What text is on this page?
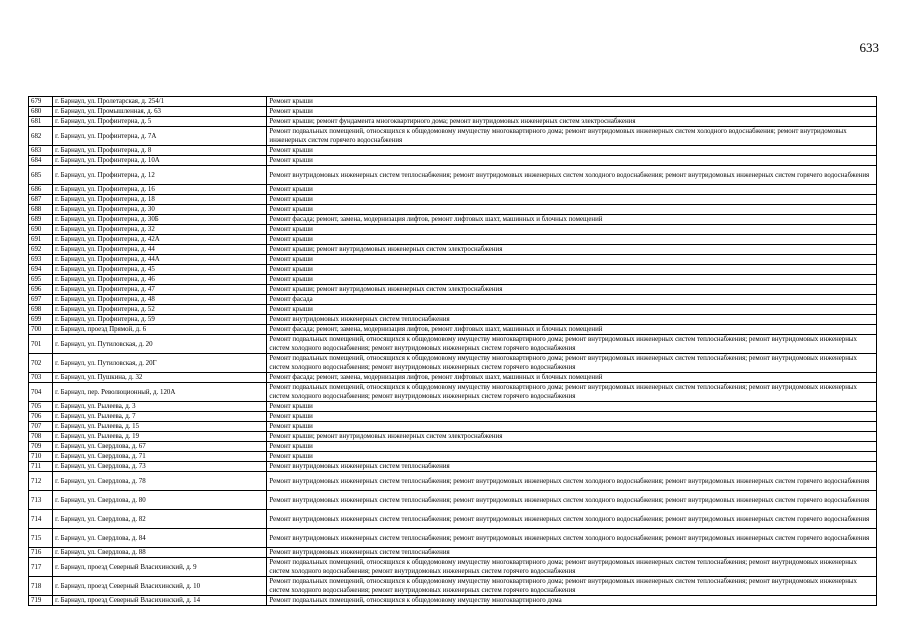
633
679	г. Барнаул, ул. Пролетарская, д. 254/1	Ремонт крыши
680	г. Барнаул, ул. Промышленная, д. 63	Ремонт крыши
681	г. Барнаул, ул. Профинтерна, д. 5	Ремонт крыши; ремонт фундамента многоквартирного дома; ремонт внутридомовых инженерных систем электроснабжения
682	г. Барнаул, ул. Профинтерна, д. 7А	Ремонт подвальных помещений, относящихся к общедомовому имуществу многоквартирного дома; ремонт внутридомовых инженерных систем холодного водоснабжения; ремонт внутридомовых инженерных систем горячего водоснабжения
683	г. Барнаул, ул. Профинтерна, д. 8	Ремонт крыши
684	г. Барнаул, ул. Профинтерна, д. 10А	Ремонт крыши
685	г. Барнаул, ул. Профинтерна, д. 12	Ремонт внутридомовых инженерных систем теплоснабжения; ремонт внутридомовых инженерных систем холодного водоснабжения; ремонт внутридомовых инженерных систем горячего водоснабжения
686	г. Барнаул, ул. Профинтерна, д. 16	Ремонт крыши
687	г. Барнаул, ул. Профинтерна, д. 18	Ремонт крыши
688	г. Барнаул, ул. Профинтерна, д. 30	Ремонт крыши
689	г. Барнаул, ул. Профинтерна, д. 30Б	Ремонт фасада; ремонт, замена, модернизация лифтов, ремонт лифтовых шахт, машинных и блочных помещений
690	г. Барнаул, ул. Профинтерна, д. 32	Ремонт крыши
691	г. Барнаул, ул. Профинтерна, д. 42А	Ремонт крыши
692	г. Барнаул, ул. Профинтерна, д. 44	Ремонт крыши; ремонт внутридомовых инженерных систем электроснабжения
693	г. Барнаул, ул. Профинтерна, д. 44А	Ремонт крыши
694	г. Барнаул, ул. Профинтерна, д. 45	Ремонт крыши
695	г. Барнаул, ул. Профинтерна, д. 46	Ремонт крыши
696	г. Барнаул, ул. Профинтерна, д. 47	Ремонт крыши; ремонт внутридомовых инженерных систем электроснабжения
697	г. Барнаул, ул. Профинтерна, д. 48	Ремонт фасада
698	г. Барнаул, ул. Профинтерна, д. 52	Ремонт крыши
699	г. Барнаул, ул. Профинтерна, д. 59	Ремонт внутридомовых инженерных систем теплоснабжения
700	г. Барнаул, проезд Прямой, д. 6	Ремонт фасада; ремонт, замена, модернизация лифтов, ремонт лифтовых шахт, машинных и блочных помещений
701	г. Барнаул, ул. Путиловская, д. 20	Ремонт подвальных помещений, относящихся к общедомовому имуществу многоквартирного дома; ремонт внутридомовых инженерных систем теплоснабжения; ремонт внутридомовых инженерных систем холодного водоснабжения; ремонт внутридомовых инженерных систем горячего водоснабжения
702	г. Барнаул, ул. Путиловская, д. 20Г	Ремонт подвальных помещений, относящихся к общедомовому имуществу многоквартирного дома; ремонт внутридомовых инженерных систем теплоснабжения; ремонт внутридомовых инженерных систем холодного водоснабжения; ремонт внутридомовых инженерных систем горячего водоснабжения
703	г. Барнаул, ул. Пушкина, д. 32	Ремонт фасада; ремонт, замена, модернизация лифтов, ремонт лифтовых шахт, машинных и блочных помещений
704	г. Барнаул, пер. Революционный, д. 120А	Ремонт подвальных помещений, относящихся к общедомовому имуществу многоквартирного дома; ремонт внутридомовых инженерных систем теплоснабжения; ремонт внутридомовых инженерных систем холодного водоснабжения; ремонт внутридомовых инженерных систем горячего водоснабжения
705	г. Барнаул, ул. Рылеева, д. 3	Ремонт крыши
706	г. Барнаул, ул. Рылеева, д. 7	Ремонт крыши
707	г. Барнаул, ул. Рылеева, д. 15	Ремонт крыши
708	г. Барнаул, ул. Рылеева, д. 19	Ремонт крыши; ремонт внутридомовых инженерных систем электроснабжения
709	г. Барнаул, ул. Свердлова, д. 67	Ремонт крыши
710	г. Барнаул, ул. Свердлова, д. 71	Ремонт крыши
711	г. Барнаул, ул. Свердлова, д. 73	Ремонт внутридомовых инженерных систем теплоснабжения
712	г. Барнаул, ул. Свердлова, д. 78	Ремонт внутридомовых инженерных систем теплоснабжения; ремонт внутридомовых инженерных систем холодного водоснабжения; ремонт внутридомовых инженерных систем горячего водоснабжения
713	г. Барнаул, ул. Свердлова, д. 80	Ремонт внутридомовых инженерных систем теплоснабжения; ремонт внутридомовых инженерных систем холодного водоснабжения; ремонт внутридомовых инженерных систем горячего водоснабжения
714	г. Барнаул, ул. Свердлова, д. 82	Ремонт внутридомовых инженерных систем теплоснабжения; ремонт внутридомовых инженерных систем холодного водоснабжения; ремонт внутридомовых инженерных систем горячего водоснабжения
715	г. Барнаул, ул. Свердлова, д. 84	Ремонт внутридомовых инженерных систем теплоснабжения; ремонт внутридомовых инженерных систем холодного водоснабжения; ремонт внутридомовых инженерных систем горячего водоснабжения
716	г. Барнаул, ул. Свердлова, д. 88	Ремонт внутридомовых инженерных систем теплоснабжения
717	г. Барнаул, проезд Северный Власихинский, д. 9	Ремонт подвальных помещений, относящихся к общедомовому имуществу многоквартирного дома; ремонт внутридомовых инженерных систем теплоснабжения; ремонт внутридомовых инженерных систем холодного водоснабжения; ремонт внутридомовых инженерных систем горячего водоснабжения
718	г. Барнаул, проезд Северный Власихинский, д. 10	Ремонт подвальных помещений, относящихся к общедомовому имуществу многоквартирного дома; ремонт внутридомовых инженерных систем теплоснабжения; ремонт внутридомовых инженерных систем холодного водоснабжения; ремонт внутридомовых инженерных систем горячего водоснабжения
719	г. Барнаул, проезд Северный Власихинский, д. 14	Ремонт подвальных помещений, относящихся к общедомовому имуществу многоквартирного дома
